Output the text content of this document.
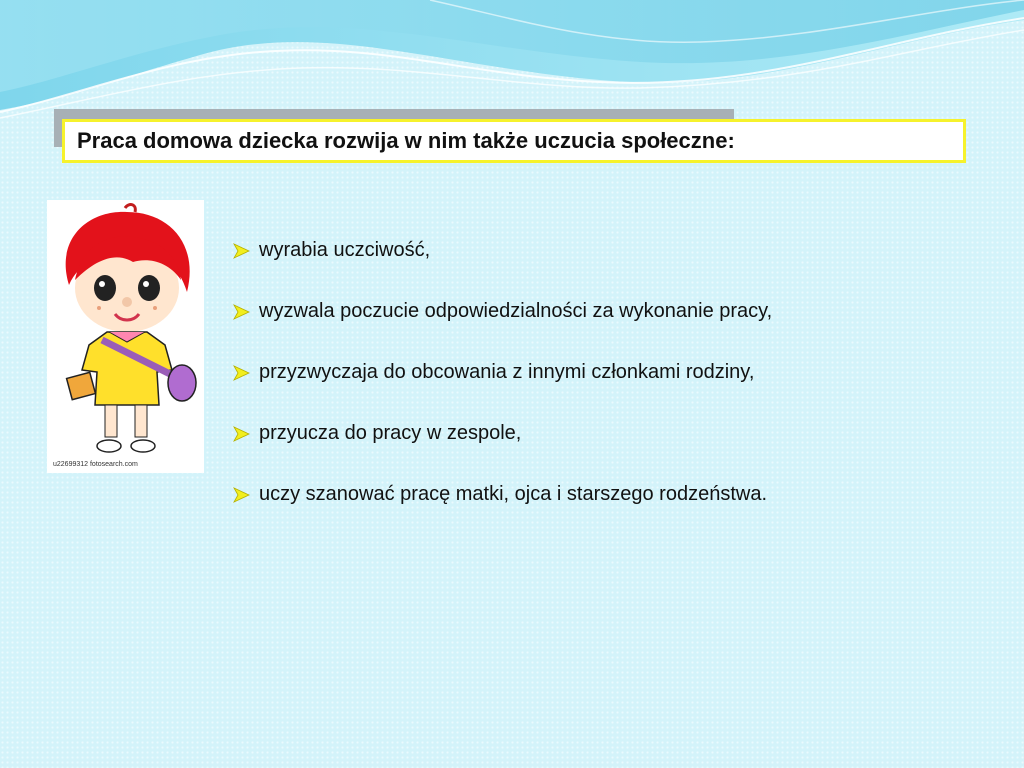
Praca domowa dziecka rozwija w nim także uczucia społeczne:
u22699312 fotosearch.com
wyrabia uczciwość,
wyzwala poczucie odpowiedzialności za wykonanie pracy,
przyzwyczaja do obcowania z innymi członkami rodziny,
przyucza do pracy w zespole,
uczy szanować pracę matki, ojca i starszego rodzeństwa.
